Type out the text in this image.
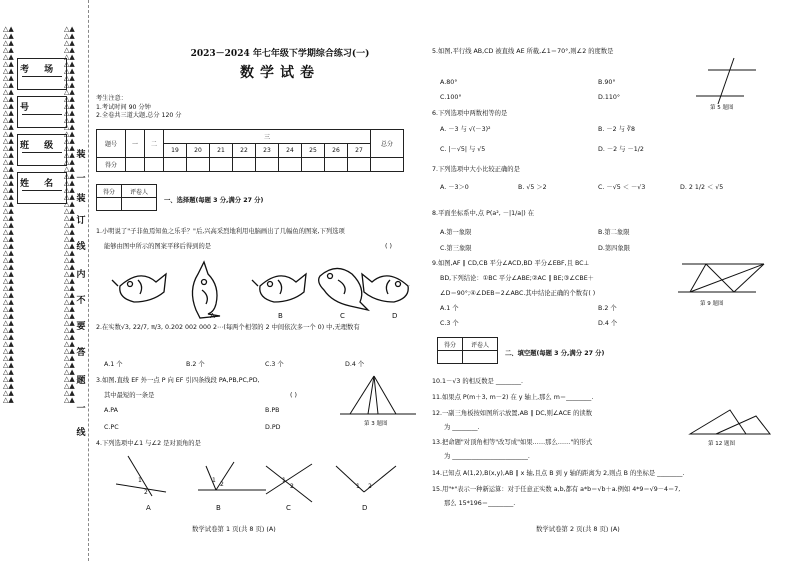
△▲△▲△▲△▲△▲△▲△▲△▲△▲△▲△▲△▲△▲△▲△▲△▲△▲△▲△▲△▲△▲△▲△▲△▲△▲△▲△▲△▲△▲△▲△▲△▲△▲△▲△▲△▲△▲△▲△▲△▲△▲△▲△▲△▲△▲△▲△▲△▲△▲△▲△▲△▲△▲△▲
△▲△▲△▲△▲△▲△▲△▲△▲△▲△▲△▲△▲△▲△▲△▲△▲△▲△▲△▲△▲△▲△▲△▲△▲△▲△▲△▲△▲△▲△▲△▲△▲△▲△▲△▲△▲△▲△▲△▲△▲△▲△▲△▲△▲△▲△▲△▲△▲△▲△▲△▲△▲△▲△▲
考 场
号
班 级
姓 名
装
一
装
订
线
内
不
要
答
题
一
线
2023－2024 年七年级下学期综合练习(一)
数学试卷
考生注意：
1.考试时间 90 分钟
2.全卷共三道大题,总分 120 分
题号	一	二	三									总分
			19	20	21	22	23	24	25	26	27	
得分												
得分	评卷人

一、选择题(每题 3 分,满分 27 分)
1.小明说了"子非鱼焉知鱼之乐乎？"后,兴高采烈地利用电脑画出了几幅鱼的图案,下列选项
能够由图中所示的图案平移后得到的是	( )
A	B	C	D
2.在实数√3, 22/7, π/3, 0.202 002 000 2⋯(每两个相邻的 2 中间依次多一个 0) 中,无理数有
A.1 个	B.2 个	C.3 个	D.4 个
3.如图,直线 EF 外一点 P 向 EF 引四条线段 PA,PB,PC,PD,
其中最短的一条是	( )
A.PA	B.PB
C.PC	D.PD	第 3 题图
4.下列选项中∠1 与∠2 是对顶角的是
1
2
2
1	1
2	1 2
A	B	C	D
数学试卷第 1 页(共 8 页) (A)
5.如图,平行线 AB,CD 被直线 AE 所截,∠1＝70°,则∠2 的度数是
A.80°	B.90°
C.100°	D.110°
第 5 题图
6.下列选项中两数相等的是
A. －3 与 √(－3)²	B. －2 与 ∛8
C. |－√5| 与 √5	D. －2 与 －1/2
7.下列选项中大小比较正确的是
A. －3＞0	B. √5 ＞2	C. －√5 ＜ －√3	D. 2 1/2 ＜ √5
8.平面坐标系中,点 P(a², －|1/a|) 在
A.第一象限	B.第二象限
C.第三象限	D.第四象限
9.如图,AF ∥ CD,CB 平分∠ACD,BD 平分∠EBF,且 BC⊥
BD,下列结论：①BC 平分∠ABE;②AC ∥ BE;③∠CBE＋
∠D＝90°;④∠DEB＝2∠ABC.其中结论正确的个数有( )
A.1 个	B.2 个
C.3 个	D.4 个
第 9 题图
得分	评卷人

二、填空题(每题 3 分,满分 27 分)
10.1－√3 的相反数是 ________.
11.如果点 P(m＋3, m－2) 在 y 轴上,那么 m＝________.
12.一副三角板按如图所示放置,AB ∥ DC,则∠ACE 的读数
为 ________.
第 12 题图
13.把命题"对顶角相等"改写成"如果……那么……"的形式
为 ________________________.
14.已知点 A(1,2),B(x,y),AB ∥ x 轴,且点 B 到 y 轴的距离为 2,则点 B 的坐标是 ________.
15.用"*"表示一种新运算：对于任意正实数 a,b,都有 a*b＝√b＋a.例如 4*9＝√9－4＝7,
那么 15*196＝________.
数学试卷第 2 页(共 8 页) (A)
